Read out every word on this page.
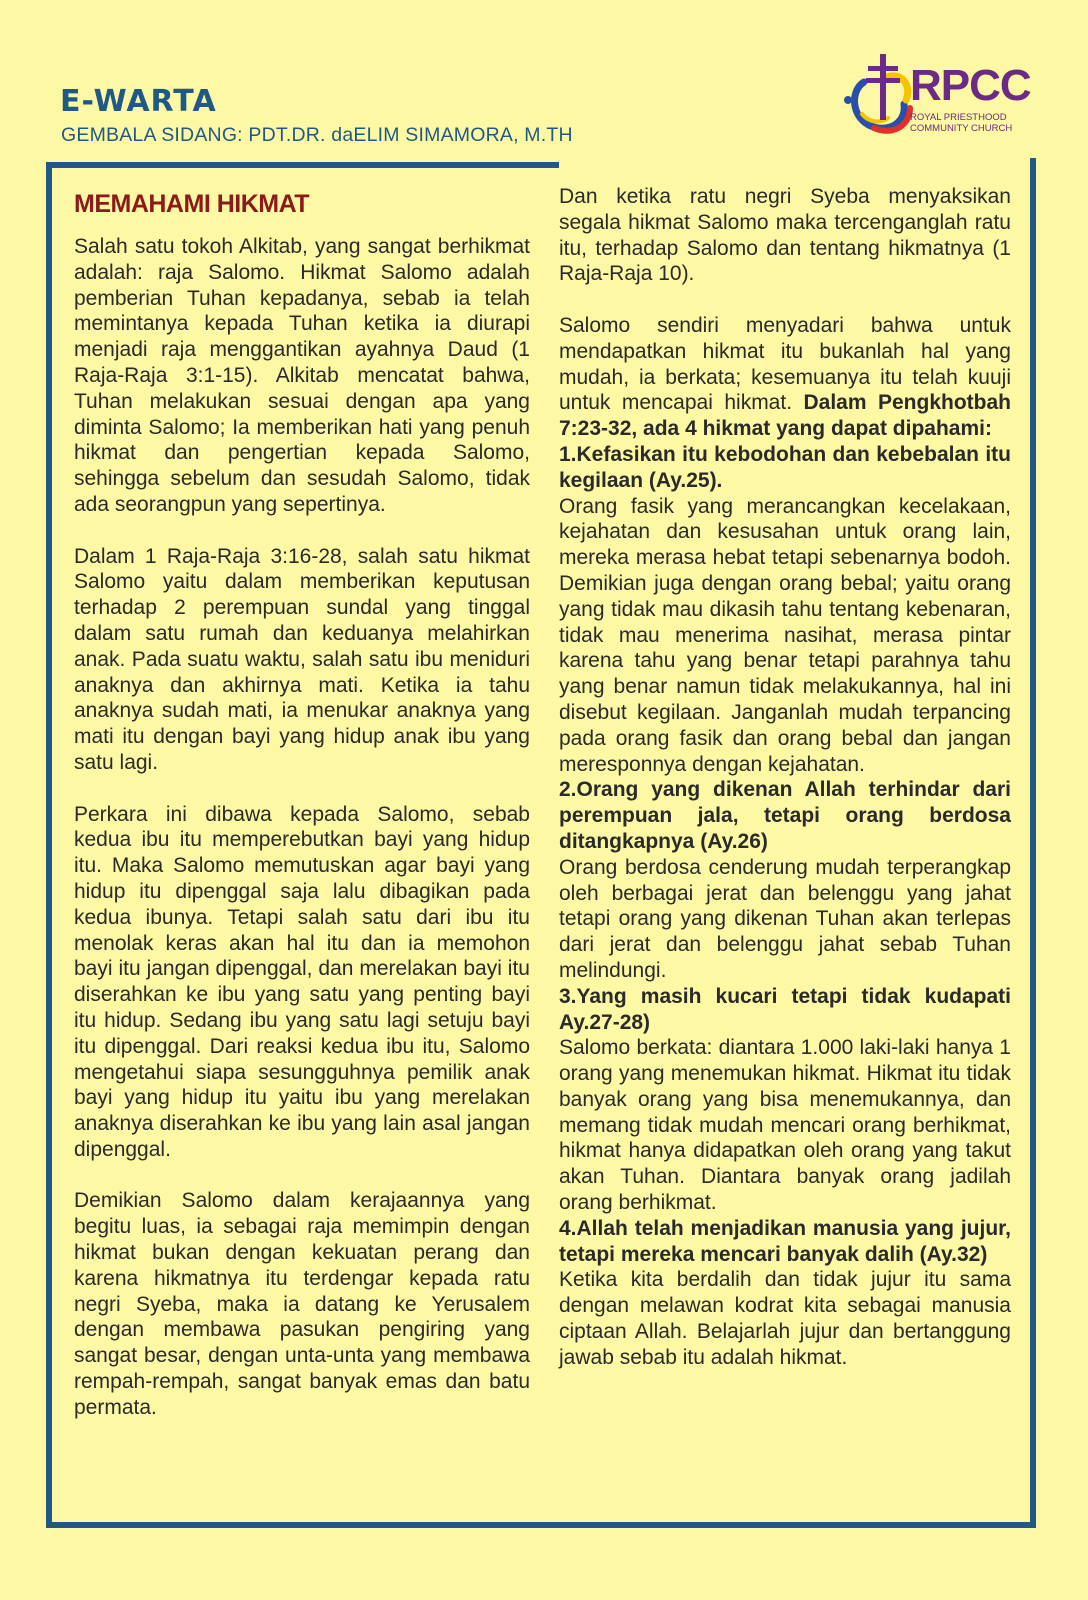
E-WARTA
GEMBALA SIDANG: PDT.DR. daELIM SIMAMORA, M.TH
RPCC
ROYAL PRIESTHOOD
COMMUNITY CHURCH
MEMAHAMI HIKMAT

Salah satu tokoh Alkitab, yang sangat berhikmat adalah: raja Salomo. Hikmat Salomo adalah pemberian Tuhan kepadanya, sebab ia telah memintanya kepada Tuhan ketika ia diurapi menjadi raja menggantikan ayahnya Daud (1 Raja-Raja 3:1-15). Alkitab mencatat bahwa, Tuhan melakukan sesuai dengan apa yang diminta Salomo; Ia memberikan hati yang penuh hikmat dan pengertian kepada Salomo, sehingga sebelum dan sesudah Salomo, tidak ada seorangpun yang sepertinya.

Dalam 1 Raja-Raja 3:16-28, salah satu hikmat Salomo yaitu dalam memberikan keputusan terhadap 2 perempuan sundal yang tinggal dalam satu rumah dan keduanya melahirkan anak. Pada suatu waktu, salah satu ibu meniduri anaknya dan akhirnya mati. Ketika ia tahu anaknya sudah mati, ia menukar anaknya yang mati itu dengan bayi yang hidup anak ibu yang satu lagi.

Perkara ini dibawa kepada Salomo, sebab kedua ibu itu memperebutkan bayi yang hidup itu. Maka Salomo memutuskan agar bayi yang hidup itu dipenggal saja lalu dibagikan pada kedua ibunya. Tetapi salah satu dari ibu itu menolak keras akan hal itu dan ia memohon bayi itu jangan dipenggal, dan merelakan bayi itu diserahkan ke ibu yang satu yang penting bayi itu hidup. Sedang ibu yang satu lagi setuju bayi itu dipenggal. Dari reaksi kedua ibu itu, Salomo mengetahui siapa sesungguhnya pemilik anak bayi yang hidup itu yaitu ibu yang merelakan anaknya diserahkan ke ibu yang lain asal jangan dipenggal.

Demikian Salomo dalam kerajaannya yang begitu luas, ia sebagai raja memimpin dengan hikmat bukan dengan kekuatan perang dan karena hikmatnya itu terdengar kepada ratu negri Syeba, maka ia datang ke Yerusalem dengan membawa pasukan pengiring yang sangat besar, dengan unta-unta yang membawa rempah-rempah, sangat banyak emas dan batu permata.

Dan ketika ratu negri Syeba menyaksikan segala hikmat Salomo maka tercenganglah ratu itu, terhadap Salomo dan tentang hikmatnya (1 Raja-Raja 10).

Salomo sendiri menyadari bahwa untuk mendapatkan hikmat itu bukanlah hal yang mudah, ia berkata; kesemuanya itu telah kuuji untuk mencapai hikmat. Dalam Pengkhotbah 7:23-32, ada 4 hikmat yang dapat dipahami:

1.Kefasikan itu kebodohan dan kebebalan itu kegilaan (Ay.25).

Orang fasik yang merancangkan kecelakaan, kejahatan dan kesusahan untuk orang lain, mereka merasa hebat tetapi sebenarnya bodoh. Demikian juga dengan orang bebal; yaitu orang yang tidak mau dikasih tahu tentang kebenaran, tidak mau menerima nasihat, merasa pintar karena tahu yang benar tetapi parahnya tahu yang benar namun tidak melakukannya, hal ini disebut kegilaan. Janganlah mudah terpancing pada orang fasik dan orang bebal dan jangan meresponnya dengan kejahatan.

2.Orang yang dikenan Allah terhindar dari perempuan jala, tetapi orang berdosa ditangkapnya (Ay.26)

Orang berdosa cenderung mudah terperangkap oleh berbagai jerat dan belenggu yang jahat tetapi orang yang dikenan Tuhan akan terlepas dari jerat dan belenggu jahat sebab Tuhan melindungi.

3.Yang masih kucari tetapi tidak kudapati Ay.27-28)

Salomo berkata: diantara 1.000 laki-laki hanya 1 orang yang menemukan hikmat. Hikmat itu tidak banyak orang yang bisa menemukannya, dan memang tidak mudah mencari orang berhikmat, hikmat hanya didapatkan oleh orang yang takut akan Tuhan. Diantara banyak orang jadilah orang berhikmat.

4.Allah telah menjadikan manusia yang jujur, tetapi mereka mencari banyak dalih (Ay.32)

Ketika kita berdalih dan tidak jujur itu sama dengan melawan kodrat kita sebagai manusia ciptaan Allah. Belajarlah jujur dan bertanggung jawab sebab itu adalah hikmat.
